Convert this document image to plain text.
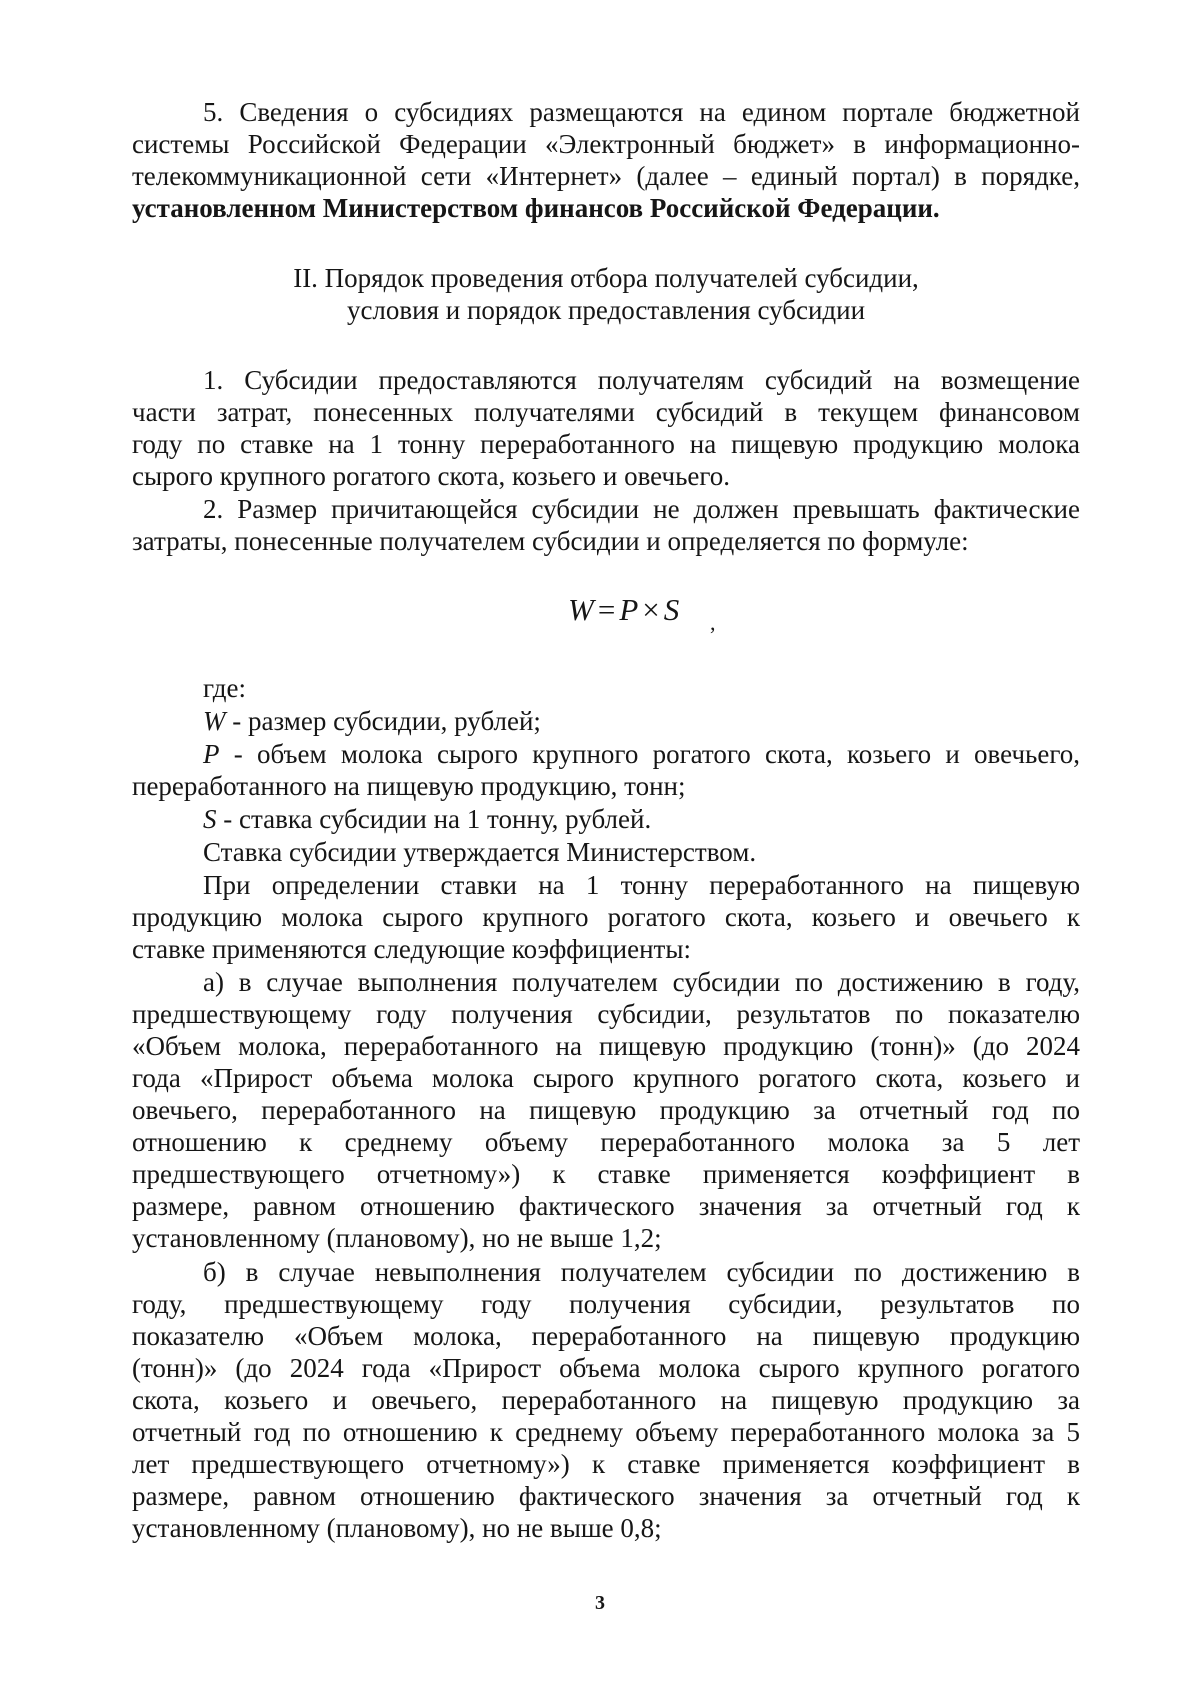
5. Сведения о субсидиях размещаются на едином портале бюджетной

системы Российской Федерации «Электронный бюджет» в информационно-

телекоммуникационной сети «Интернет» (далее – единый портал) в порядке,

установленном Министерством финансов Российской Федерации.

II. Порядок проведения отбора получателей субсидии,
условия и порядок предоставления субсидии

1. Субсидии предоставляются получателям субсидий на возмещение

части затрат, понесенных получателями субсидий в текущем финансовом

году по ставке на 1 тонну переработанного на пищевую продукцию молока

сырого крупного рогатого скота, козьего и овечьего.

2. Размер причитающейся субсидии не должен превышать фактические

затраты, понесенные получателем субсидии и определяется по формуле:

W = P × S ,

где:

W - размер субсидии, рублей;

P - объем молока сырого крупного рогатого скота, козьего и овечьего,

переработанного на пищевую продукцию, тонн;

S - ставка субсидии на 1 тонну, рублей.

Ставка субсидии утверждается Министерством.

При определении ставки на 1 тонну переработанного на пищевую

продукцию молока сырого крупного рогатого скота, козьего и овечьего к

ставке применяются следующие коэффициенты:

а) в случае выполнения получателем субсидии по достижению в году,

предшествующему году получения субсидии, результатов по показателю

«Объем молока, переработанного на пищевую продукцию (тонн)» (до 2024

года «Прирост объема молока сырого крупного рогатого скота, козьего и

овечьего, переработанного на пищевую продукцию за отчетный год по

отношению к среднему объему переработанного молока за 5 лет

предшествующего отчетному») к ставке применяется коэффициент в

размере, равном отношению фактического значения за отчетный год к

установленному (плановому), но не выше 1,2;

б) в случае невыполнения получателем субсидии по достижению в

году, предшествующему году получения субсидии, результатов по

показателю «Объем молока, переработанного на пищевую продукцию

(тонн)» (до 2024 года «Прирост объема молока сырого крупного рогатого

скота, козьего и овечьего, переработанного на пищевую продукцию за

отчетный год по отношению к среднему объему переработанного молока за 5

лет предшествующего отчетному») к ставке применяется коэффициент в

размере, равном отношению фактического значения за отчетный год к

установленному (плановому), но не выше 0,8;

3
